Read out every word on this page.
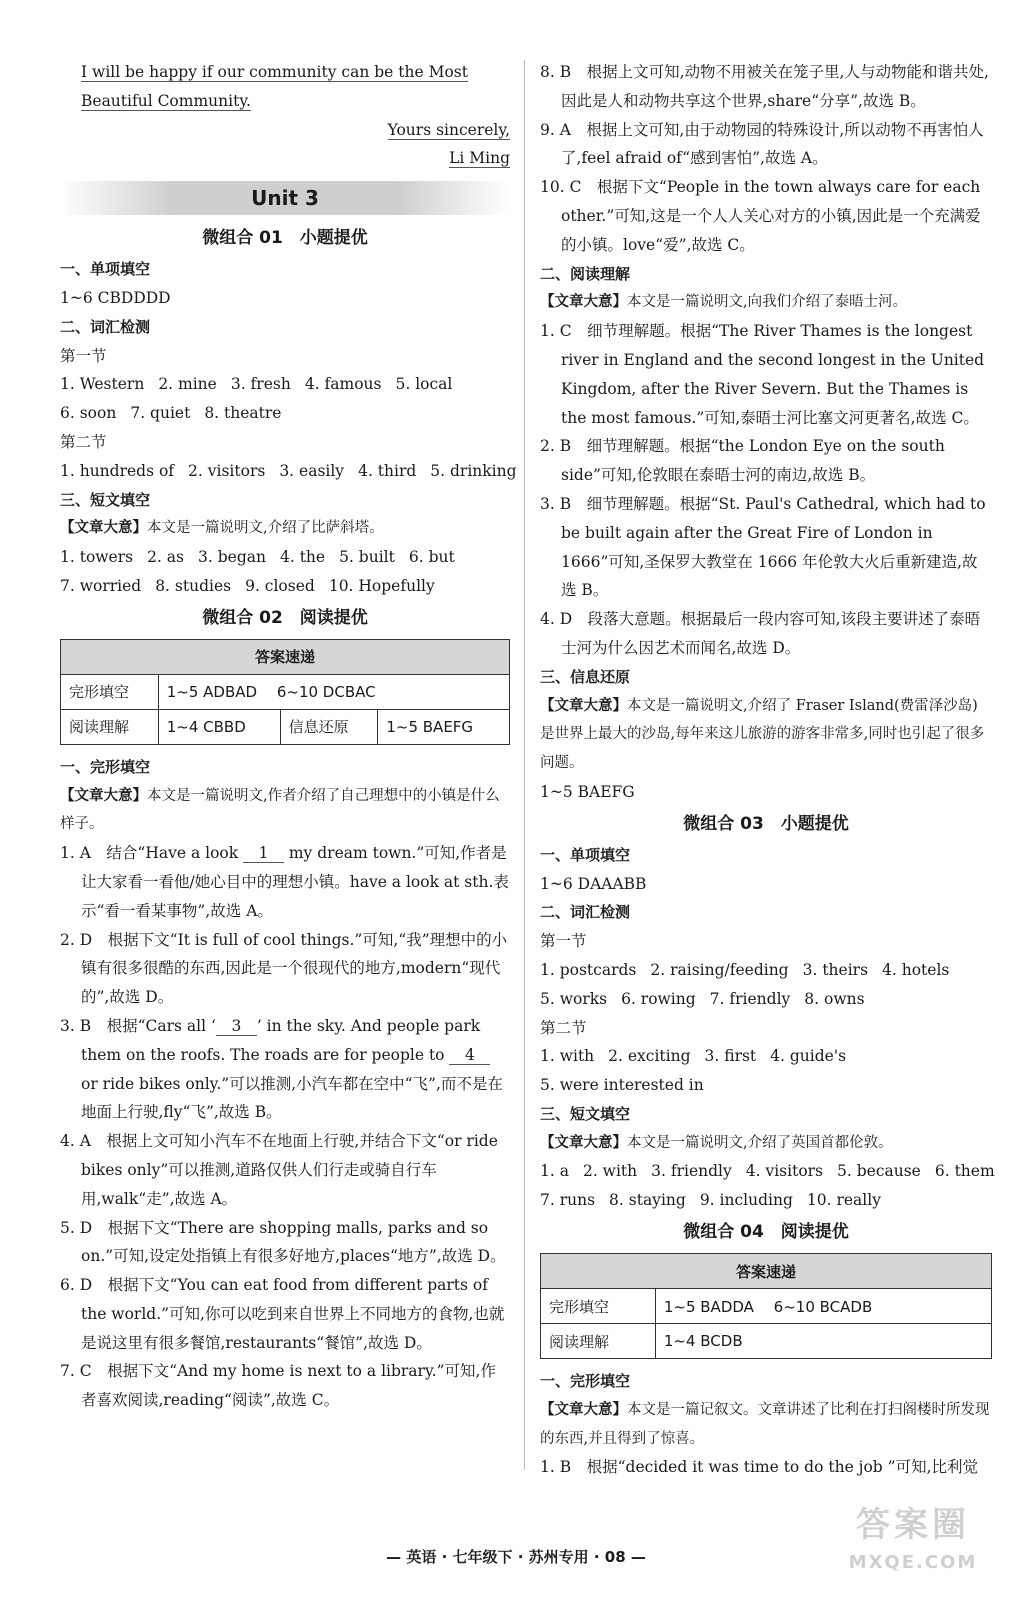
I will be happy if our community can be the Most Beautiful Community.
Yours sincerely,
Li Ming
Unit 3
微组合 01　小题提优
一、单项填空
1~6 CBDDDD
二、词汇检测
第一节
1. Western 2. mine 3. fresh 4. famous 5. local
6. soon 7. quiet 8. theatre
第二节
1. hundreds of 2. visitors 3. easily 4. third 5. drinking
三、短文填空
【文章大意】本文是一篇说明文,介绍了比萨斜塔。
1. towers 2. as 3. began 4. the 5. built 6. but
7. worried 8. studies 9. closed 10. Hopefully
微组合 02　阅读提优
答案速递			
完形填空	1~5 ADBAD　 6~10 DCBAC		
阅读理解	1~4 CBBD	信息还原	1~5 BAEFG
一、完形填空
【文章大意】本文是一篇说明文,作者介绍了自己理想中的小镇是什么样子。
1. A　结合“Have a look 　1　 my dream town.”可知,作者是让大家看一看他/她心目中的理想小镇。have a look at sth.表示“看一看某事物”,故选 A。
2. D　根据下文“It is full of cool things.”可知,“我”理想中的小镇有很多很酷的东西,因此是一个很现代的地方,modern“现代的”,故选 D。
3. B　根据“Cars all ‘　3　’ in the sky. And people park them on the roofs. The roads are for people to 　4　 or ride bikes only.”可以推测,小汽车都在空中“飞”,而不是在地面上行驶,fly“飞”,故选 B。
4. A　根据上文可知小汽车不在地面上行驶,并结合下文“or ride bikes only”可以推测,道路仅供人们行走或骑自行车用,walk“走”,故选 A。
5. D　根据下文“There are shopping malls, parks and so on.”可知,设定处指镇上有很多好地方,places“地方”,故选 D。
6. D　根据下文“You can eat food from different parts of the world.”可知,你可以吃到来自世界上不同地方的食物,也就是说这里有很多餐馆,restaurants“餐馆”,故选 D。
7. C　根据下文“And my home is next to a library.”可知,作者喜欢阅读,reading“阅读”,故选 C。
8. B　根据上文可知,动物不用被关在笼子里,人与动物能和谐共处,因此是人和动物共享这个世界,share“分享”,故选 B。
9. A　根据上文可知,由于动物园的特殊设计,所以动物不再害怕人了,feel afraid of“感到害怕”,故选 A。
10. C　根据下文“People in the town always care for each other.”可知,这是一个人人关心对方的小镇,因此是一个充满爱的小镇。love“爱”,故选 C。
二、阅读理解
【文章大意】本文是一篇说明文,向我们介绍了泰晤士河。
1. C　细节理解题。根据“The River Thames is the longest river in England and the second longest in the United Kingdom, after the River Severn. But the Thames is the most famous.”可知,泰晤士河比塞文河更著名,故选 C。
2. B　细节理解题。根据“the London Eye on the south side”可知,伦敦眼在泰晤士河的南边,故选 B。
3. B　细节理解题。根据“St. Paul's Cathedral, which had to be built again after the Great Fire of London in 1666”可知,圣保罗大教堂在 1666 年伦敦大火后重新建造,故选 B。
4. D　段落大意题。根据最后一段内容可知,该段主要讲述了泰晤士河为什么因艺术而闻名,故选 D。
三、信息还原
【文章大意】本文是一篇说明文,介绍了 Fraser Island(费雷泽沙岛)是世界上最大的沙岛,每年来这儿旅游的游客非常多,同时也引起了很多问题。
1~5 BAEFG
微组合 03　小题提优
一、单项填空
1~6 DAAABB
二、词汇检测
第一节
1. postcards 2. raising/feeding 3. theirs 4. hotels
5. works 6. rowing 7. friendly 8. owns
第二节
1. with 2. exciting 3. first 4. guide's
5. were interested in
三、短文填空
【文章大意】本文是一篇说明文,介绍了英国首都伦敦。
1. a 2. with 3. friendly 4. visitors 5. because 6. them
7. runs 8. staying 9. including 10. really
微组合 04　阅读提优
答案速递	
完形填空	1~5 BADDA　 6~10 BCADB
阅读理解	1~4 BCDB
一、完形填空
【文章大意】本文是一篇记叙文。文章讲述了比利在打扫阁楼时所发现的东西,并且得到了惊喜。
1. B　根据“decided it was time to do the job ”可知,比利觉
— 英语 · 七年级下 · 苏州专用 · 08 —
答案圈
MXQE.COM
